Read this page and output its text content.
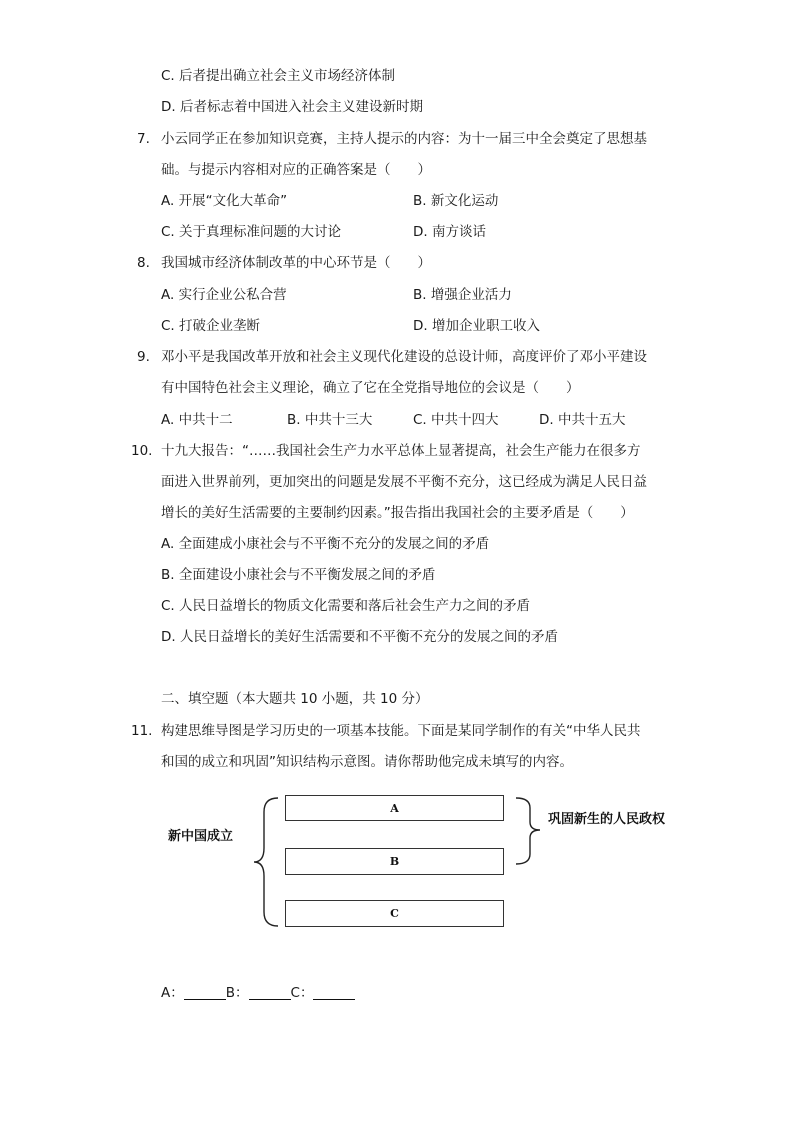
C. 后者提出确立社会主义市场经济体制
D. 后者标志着中国进入社会主义建设新时期
7. 小云同学正在参加知识竞赛，主持人提示的内容：为十一届三中全会奠定了思想基
础。与提示内容相对应的正确答案是（　　）
A. 开展“文化大革命”	B. 新文化运动
C. 关于真理标准问题的大讨论	D. 南方谈话
8. 我国城市经济体制改革的中心环节是（　　）
A. 实行企业公私合营	B. 增强企业活力
C. 打破企业垄断	D. 增加企业职工收入
9. 邓小平是我国改革开放和社会主义现代化建设的总设计师，高度评价了邓小平建设
有中国特色社会主义理论，确立了它在全党指导地位的会议是（　　）
A. 中共十二	B. 中共十三大	C. 中共十四大	D. 中共十五大
10. 十九大报告：“……我国社会生产力水平总体上显著提高，社会生产能力在很多方
面进入世界前列，更加突出的问题是发展不平衡不充分，这已经成为满足人民日益
增长的美好生活需要的主要制约因素。”报告指出我国社会的主要矛盾是（　　）
A. 全面建成小康社会与不平衡不充分的发展之间的矛盾
B. 全面建设小康社会与不平衡发展之间的矛盾
C. 人民日益增长的物质文化需要和落后社会生产力之间的矛盾
D. 人民日益增长的美好生活需要和不平衡不充分的发展之间的矛盾
二、填空题（本大题共 10 小题，共 10 分）
11. 构建思维导图是学习历史的一项基本技能。下面是某同学制作的有关“中华人民共
和国的成立和巩固”知识结构示意图。请你帮助他完成未填写的内容。
新中国成立
A
B
C
巩固新生的人民政权
A：	B：	C：
